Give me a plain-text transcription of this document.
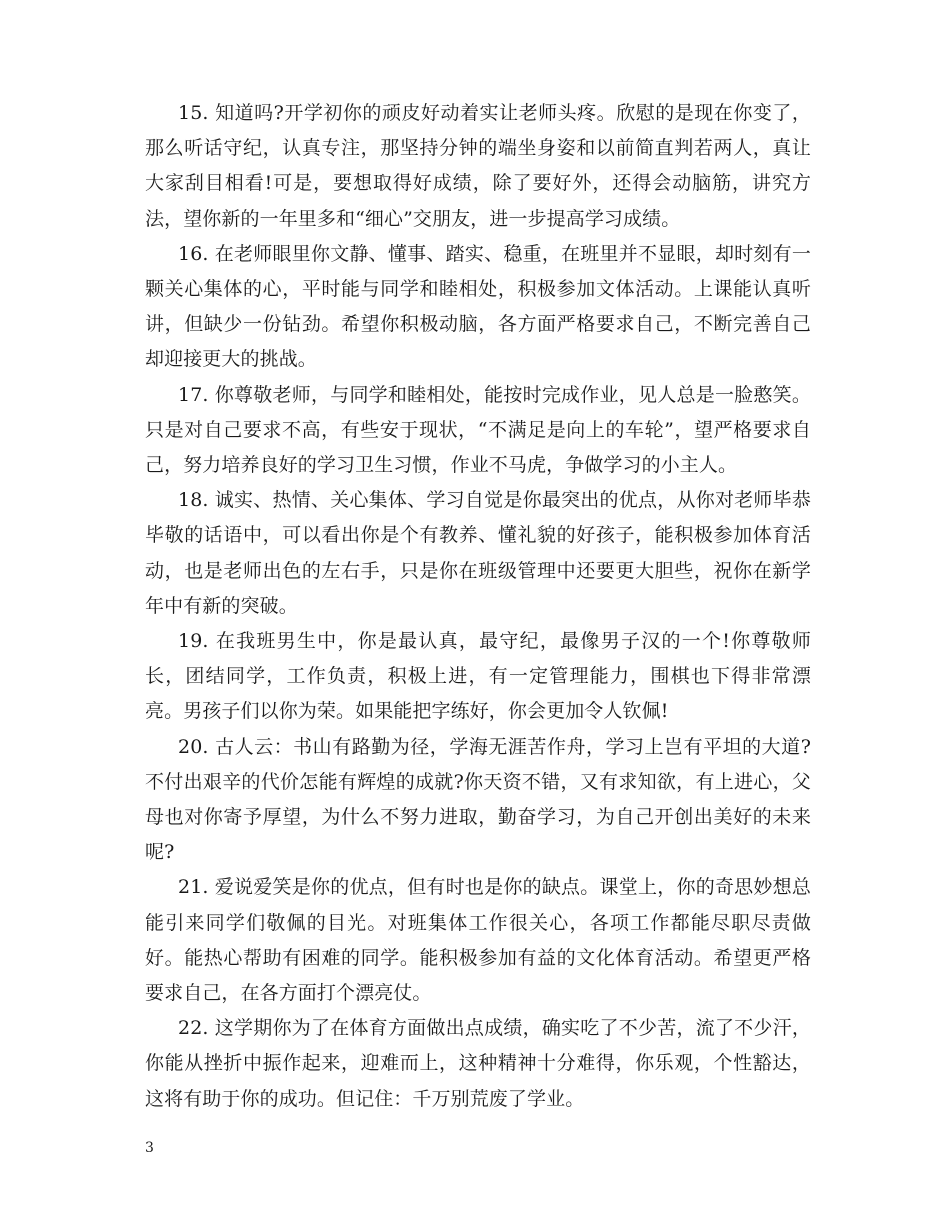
15. 知道吗?开学初你的顽皮好动着实让老师头疼。欣慰的是现在你变了，那么听话守纪，认真专注，那坚持分钟的端坐身姿和以前简直判若两人，真让大家刮目相看!可是，要想取得好成绩，除了要好外，还得会动脑筋，讲究方法，望你新的一年里多和“细心”交朋友，进一步提高学习成绩。

16. 在老师眼里你文静、懂事、踏实、稳重，在班里并不显眼，却时刻有一颗关心集体的心，平时能与同学和睦相处，积极参加文体活动。上课能认真听讲，但缺少一份钻劲。希望你积极动脑，各方面严格要求自己，不断完善自己却迎接更大的挑战。

17. 你尊敬老师，与同学和睦相处，能按时完成作业，见人总是一脸憨笑。只是对自己要求不高，有些安于现状，“不满足是向上的车轮”，望严格要求自己，努力培养良好的学习卫生习惯，作业不马虎，争做学习的小主人。

18. 诚实、热情、关心集体、学习自觉是你最突出的优点，从你对老师毕恭毕敬的话语中，可以看出你是个有教养、懂礼貌的好孩子，能积极参加体育活动，也是老师出色的左右手，只是你在班级管理中还要更大胆些，祝你在新学年中有新的突破。

19. 在我班男生中，你是最认真，最守纪，最像男子汉的一个!你尊敬师长，团结同学，工作负责，积极上进，有一定管理能力，围棋也下得非常漂亮。男孩子们以你为荣。如果能把字练好，你会更加令人钦佩!

20. 古人云：书山有路勤为径，学海无涯苦作舟，学习上岂有平坦的大道?不付出艰辛的代价怎能有辉煌的成就?你天资不错，又有求知欲，有上进心，父母也对你寄予厚望，为什么不努力进取，勤奋学习，为自己开创出美好的未来呢?

21. 爱说爱笑是你的优点，但有时也是你的缺点。课堂上，你的奇思妙想总能引来同学们敬佩的目光。对班集体工作很关心，各项工作都能尽职尽责做好。能热心帮助有困难的同学。能积极参加有益的文化体育活动。希望更严格要求自己，在各方面打个漂亮仗。

22. 这学期你为了在体育方面做出点成绩，确实吃了不少苦，流了不少汗，你能从挫折中振作起来，迎难而上，这种精神十分难得，你乐观，个性豁达，这将有助于你的成功。但记住：千万别荒废了学业。

3
